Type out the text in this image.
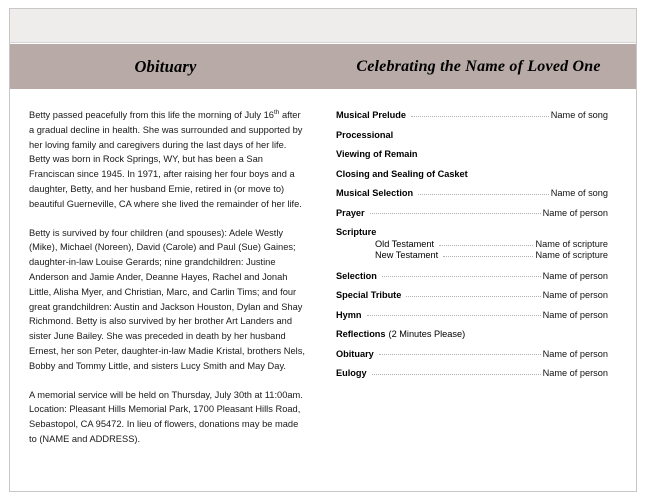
Obituary	Celebrating the Name of Loved One

Betty passed peacefully from this life the morning of July 16th after a gradual decline in health. She was surrounded and supported by her loving family and caregivers during the last days of her life. Betty was born in Rock Springs, WY, but has been a San Franciscan since 1945. In 1971, after raising her four boys and a daughter, Betty, and her husband Ernie, retired in (or move to) beautiful Guerneville, CA where she lived the remainder of her life.

Betty is survived by four children (and spouses): Adele Westly (Mike), Michael (Noreen), David (Carole) and Paul (Sue) Gaines; daughter-in-law Louise Gerards; nine grandchildren: Justine Anderson and Jamie Ander, Deanne Hayes, Rachel and Jonah Little, Alisha Myer, and Christian, Marc, and Carlin Tims; and four great grandchildren: Austin and Jackson Houston, Dylan and Shay Richmond. Betty is also survived by her brother Art Landers and sister June Bailey. She was preceded in death by her husband Ernest, her son Peter, daughter-in-law Madie Kristal, brothers Nels, Bobby and Tommy Little, and sisters Lucy Smith and May Day.

A memorial service will be held on Thursday, July 30th at 11:00am. Location: Pleasant Hills Memorial Park, 1700 Pleasant Hills Road, Sebastopol, CA 95472. In lieu of flowers, donations may be made to (NAME and ADDRESS).

Musical Prelude	Name of song
Processional
Viewing of Remain
Closing and Sealing of Casket
Musical Selection	Name of song
Prayer	Name of person
Scripture
Old Testament	Name of scripture
New Testament	Name of scripture
Selection	Name of person
Special Tribute	Name of person
Hymn	Name of person
Reflections (2 Minutes Please)
Obituary	Name of person
Eulogy	Name of person
